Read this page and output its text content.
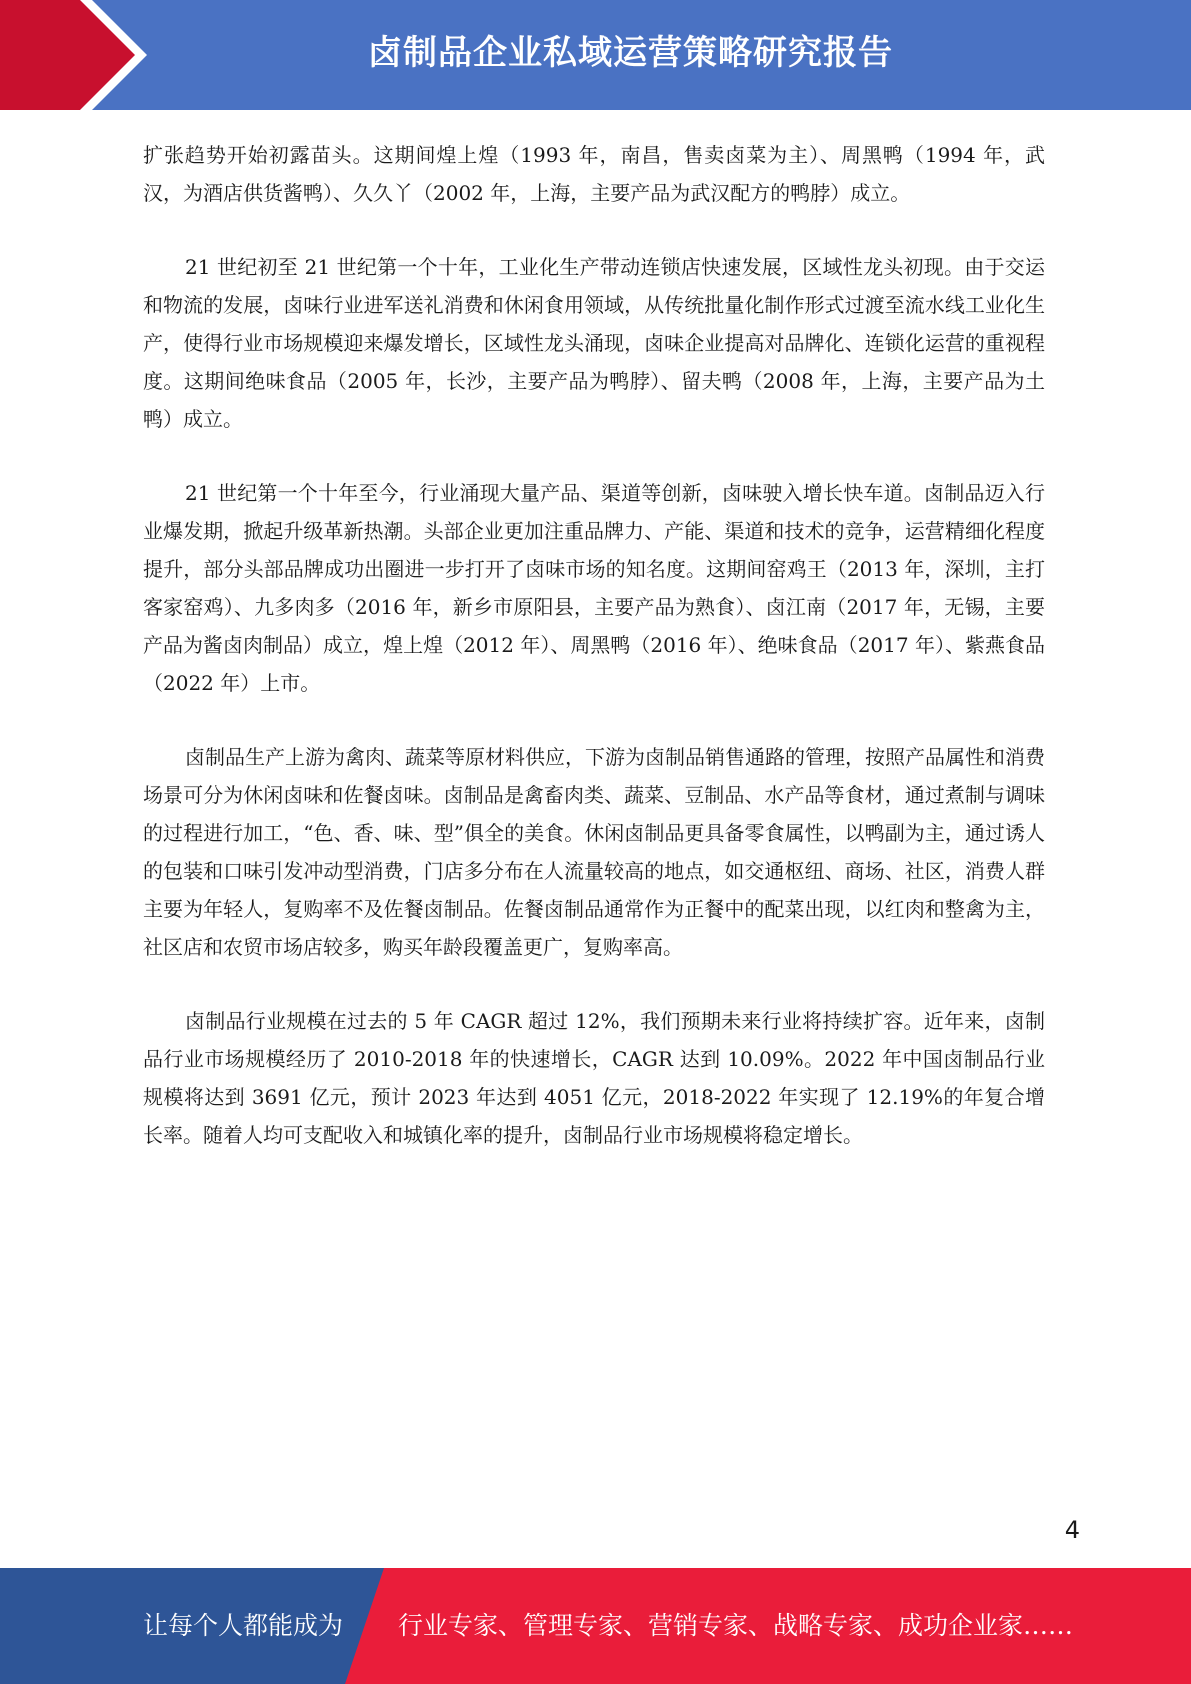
卤制品企业私域运营策略研究报告

扩张趋势开始初露苗头。这期间煌上煌（1993 年，南昌，售卖卤菜为主）、周黑鸭（1994 年，武汉，为酒店供货酱鸭）、久久丫（2002 年，上海，主要产品为武汉配方的鸭脖）成立。

21 世纪初至 21 世纪第一个十年，工业化生产带动连锁店快速发展，区域性龙头初现。由于交运和物流的发展，卤味行业进军送礼消费和休闲食用领域，从传统批量化制作形式过渡至流水线工业化生产，使得行业市场规模迎来爆发增长，区域性龙头涌现，卤味企业提高对品牌化、连锁化运营的重视程度。这期间绝味食品（2005 年，长沙，主要产品为鸭脖）、留夫鸭（2008 年，上海，主要产品为土鸭）成立。

21 世纪第一个十年至今，行业涌现大量产品、渠道等创新，卤味驶入增长快车道。卤制品迈入行业爆发期，掀起升级革新热潮。头部企业更加注重品牌力、产能、渠道和技术的竞争，运营精细化程度提升，部分头部品牌成功出圈进一步打开了卤味市场的知名度。这期间窑鸡王（2013 年，深圳，主打客家窑鸡）、九多肉多（2016 年，新乡市原阳县，主要产品为熟食）、卤江南（2017 年，无锡，主要产品为酱卤肉制品）成立，煌上煌（2012 年）、周黑鸭（2016 年）、绝味食品（2017 年）、紫燕食品（2022 年）上市。

卤制品生产上游为禽肉、蔬菜等原材料供应，下游为卤制品销售通路的管理，按照产品属性和消费场景可分为休闲卤味和佐餐卤味。卤制品是禽畜肉类、蔬菜、豆制品、水产品等食材，通过煮制与调味的过程进行加工，“色、香、味、型”俱全的美食。休闲卤制品更具备零食属性，以鸭副为主，通过诱人的包装和口味引发冲动型消费，门店多分布在人流量较高的地点，如交通枢纽、商场、社区，消费人群主要为年轻人，复购率不及佐餐卤制品。佐餐卤制品通常作为正餐中的配菜出现，以红肉和整禽为主，社区店和农贸市场店较多，购买年龄段覆盖更广，复购率高。

卤制品行业规模在过去的 5 年 CAGR 超过 12%，我们预期未来行业将持续扩容。近年来，卤制品行业市场规模经历了 2010-2018 年的快速增长，CAGR 达到 10.09%。2022 年中国卤制品行业规模将达到 3691 亿元，预计 2023 年达到 4051 亿元，2018-2022 年实现了 12.19%的年复合增长率。随着人均可支配收入和城镇化率的提升，卤制品行业市场规模将稳定增长。

4
让每个人都能成为 行业专家、管理专家、营销专家、战略专家、成功企业家……
